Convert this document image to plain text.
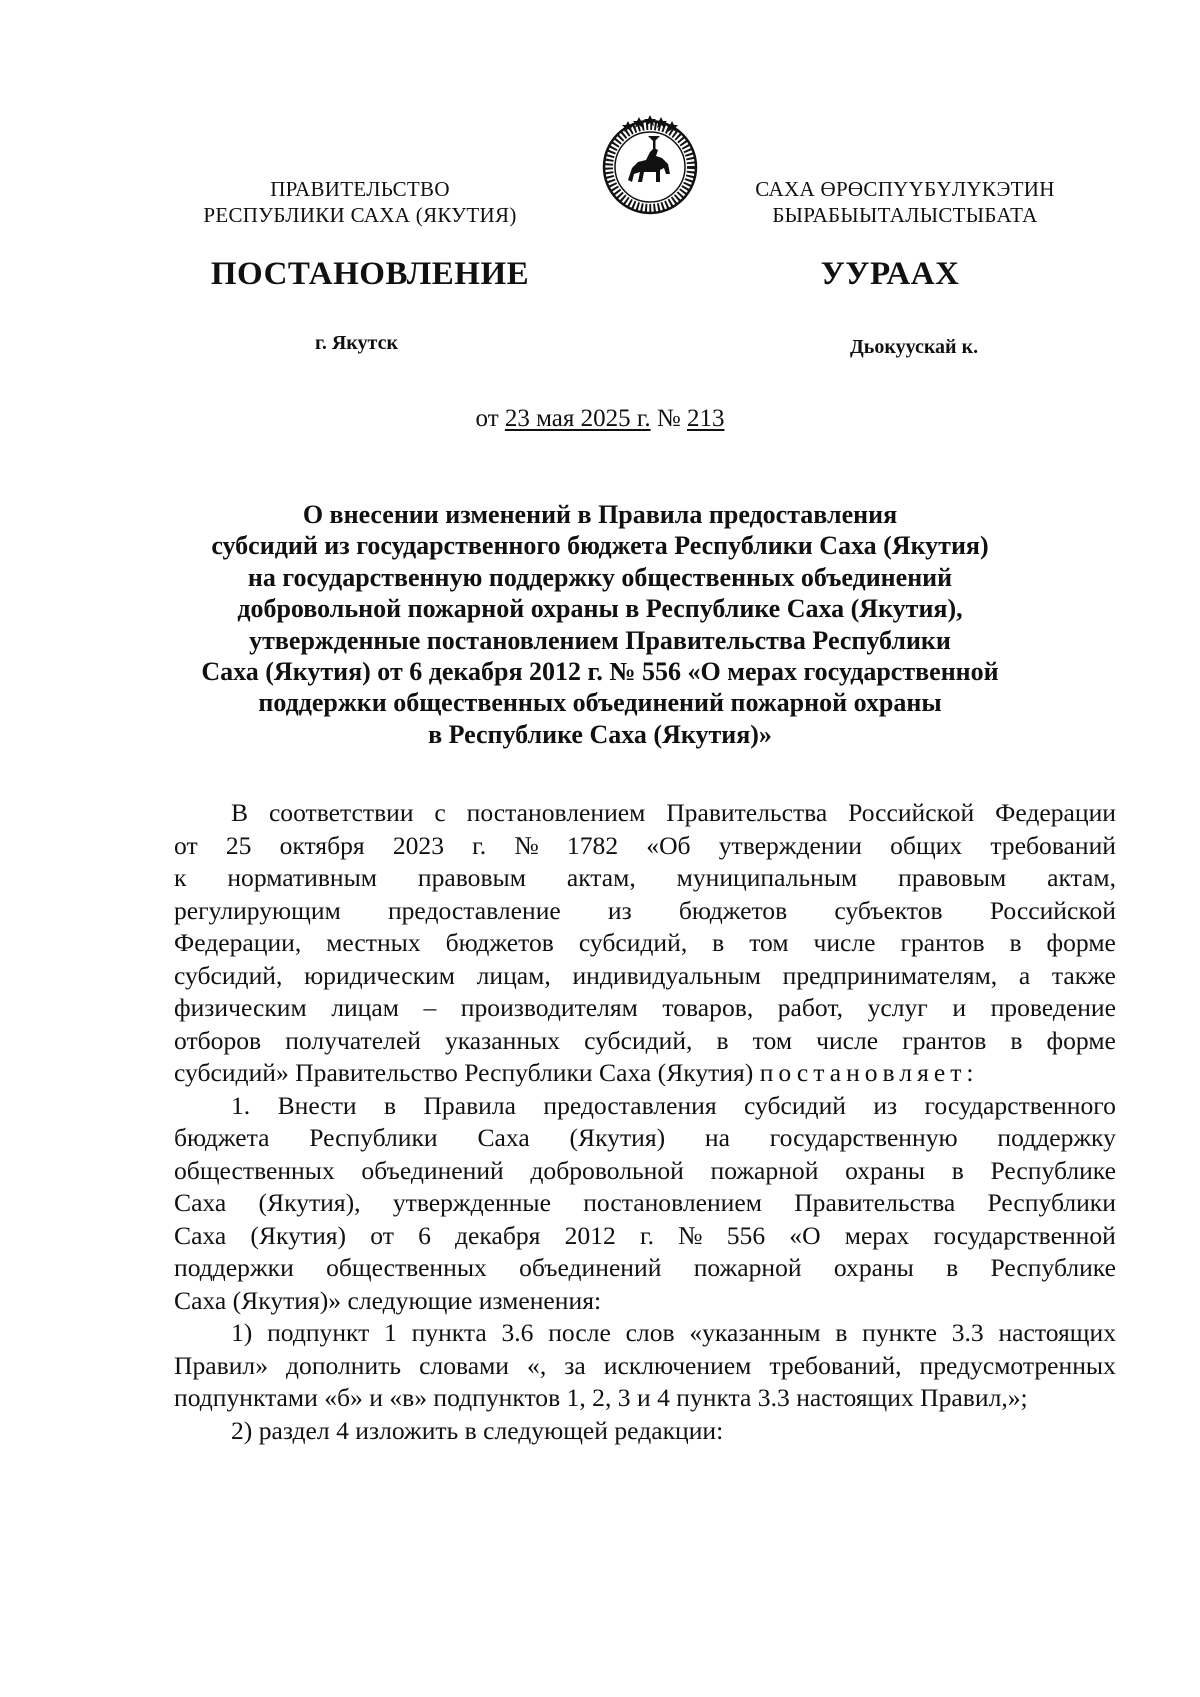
ПРАВИТЕЛЬСТВО
РЕСПУБЛИКИ САХА (ЯКУТИЯ)
САХА ӨРӨСПҮҮБҮЛҮКЭТИН
БЫРАБЫЫТАЛЫСТЫБАТА
ПОСТАНОВЛЕНИЕ	УУРААХ
г. Якутск	Дьокуускай к.
от 23 мая 2025 г. № 213
О внесении изменений в Правила предоставления
субсидий из государственного бюджета Республики Саха (Якутия)
на государственную поддержку общественных объединений
добровольной пожарной охраны в Республике Саха (Якутия),
утвержденные постановлением Правительства Республики
Саха (Якутия) от 6 декабря 2012 г. № 556 «О мерах государственной
поддержки общественных объединений пожарной охраны
в Республике Саха (Якутия)»
В соответствии с постановлением Правительства Российской Федерации
от 25 октября 2023 г. № 1782 «Об утверждении общих требований
к нормативным правовым актам, муниципальным правовым актам,
регулирующим предоставление из бюджетов субъектов Российской
Федерации, местных бюджетов субсидий, в том числе грантов в форме
субсидий, юридическим лицам, индивидуальным предпринимателям, а также
физическим лицам – производителям товаров, работ, услуг и проведение
отборов получателей указанных субсидий, в том числе грантов в форме
субсидий» Правительство Республики Саха (Якутия) постановляет:
1. Внести в Правила предоставления субсидий из государственного
бюджета Республики Саха (Якутия) на государственную поддержку
общественных объединений добровольной пожарной охраны в Республике
Саха (Якутия), утвержденные постановлением Правительства Республики
Саха (Якутия) от 6 декабря 2012 г. № 556 «О мерах государственной
поддержки общественных объединений пожарной охраны в Республике
Саха (Якутия)» следующие изменения:
1) подпункт 1 пункта 3.6 после слов «указанным в пункте 3.3 настоящих
Правил» дополнить словами «, за исключением требований, предусмотренных
подпунктами «б» и «в» подпунктов 1, 2, 3 и 4 пункта 3.3 настоящих Правил,»;
2) раздел 4 изложить в следующей редакции:
